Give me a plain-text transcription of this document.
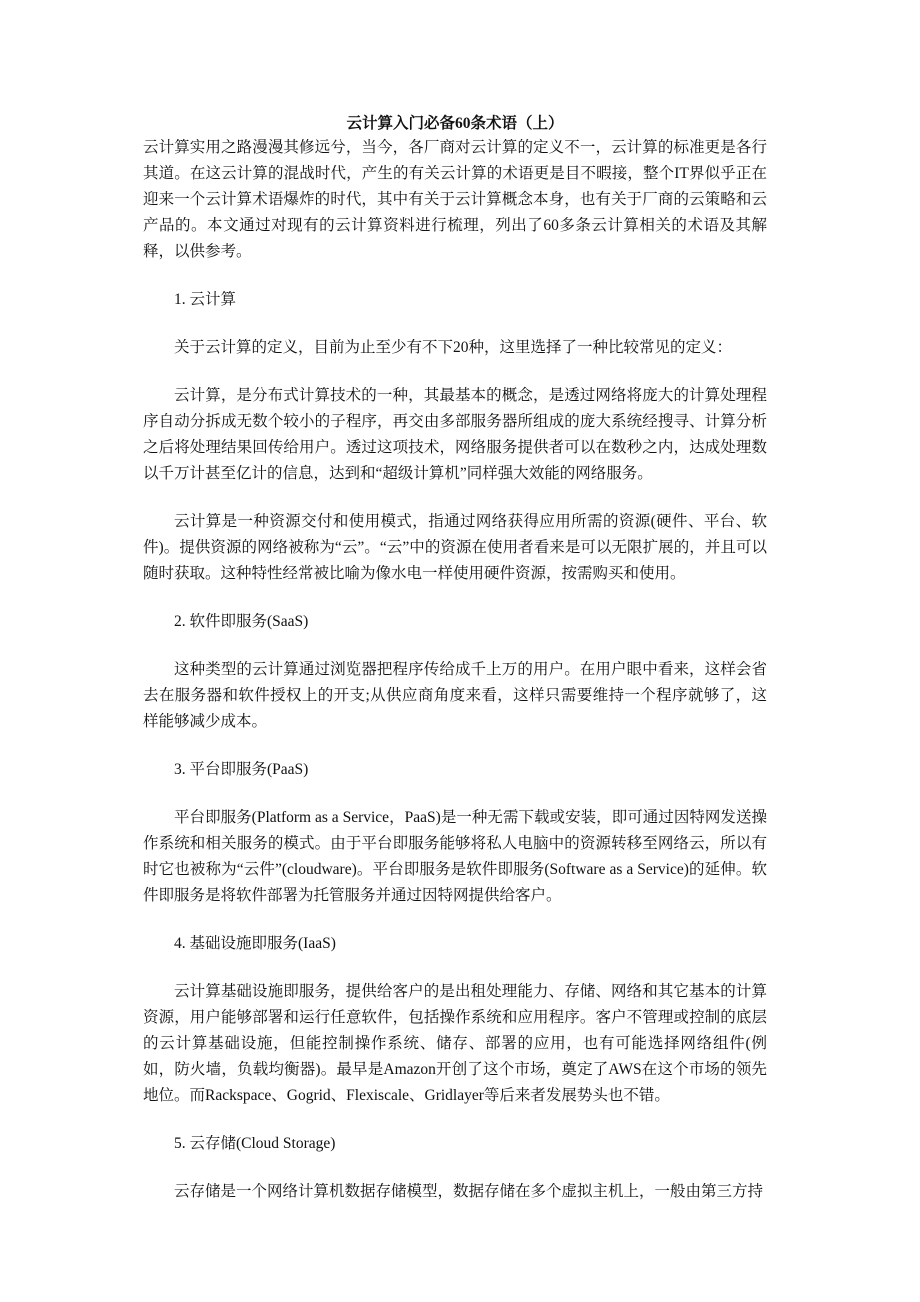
云计算入门必备60条术语（上）

云计算实用之路漫漫其修远兮，当今，各厂商对云计算的定义不一，云计算的标准更是各行其道。在这云计算的混战时代，产生的有关云计算的术语更是目不暇接，整个IT界似乎正在迎来一个云计算术语爆炸的时代，其中有关于云计算概念本身，也有关于厂商的云策略和云产品的。本文通过对现有的云计算资料进行梳理，列出了60多条云计算相关的术语及其解释，以供参考。

1. 云计算

关于云计算的定义，目前为止至少有不下20种，这里选择了一种比较常见的定义：

云计算，是分布式计算技术的一种，其最基本的概念，是透过网络将庞大的计算处理程序自动分拆成无数个较小的子程序，再交由多部服务器所组成的庞大系统经搜寻、计算分析之后将处理结果回传给用户。透过这项技术，网络服务提供者可以在数秒之内，达成处理数以千万计甚至亿计的信息，达到和“超级计算机”同样强大效能的网络服务。

云计算是一种资源交付和使用模式，指通过网络获得应用所需的资源(硬件、平台、软件)。提供资源的网络被称为“云”。“云”中的资源在使用者看来是可以无限扩展的，并且可以随时获取。这种特性经常被比喻为像水电一样使用硬件资源，按需购买和使用。

2. 软件即服务(SaaS)

这种类型的云计算通过浏览器把程序传给成千上万的用户。在用户眼中看来，这样会省去在服务器和软件授权上的开支;从供应商角度来看，这样只需要维持一个程序就够了，这样能够减少成本。

3. 平台即服务(PaaS)

平台即服务(Platform as a Service，PaaS)是一种无需下载或安装，即可通过因特网发送操作系统和相关服务的模式。由于平台即服务能够将私人电脑中的资源转移至网络云，所以有时它也被称为“云件”(cloudware)。平台即服务是软件即服务(Software as a Service)的延伸。软件即服务是将软件部署为托管服务并通过因特网提供给客户。

4. 基础设施即服务(IaaS)

云计算基础设施即服务，提供给客户的是出租处理能力、存储、网络和其它基本的计算资源，用户能够部署和运行任意软件，包括操作系统和应用程序。客户不管理或控制的底层的云计算基础设施，但能控制操作系统、储存、部署的应用，也有可能选择网络组件(例如，防火墙，负载均衡器)。最早是Amazon开创了这个市场，奠定了AWS在这个市场的领先地位。而Rackspace、Gogrid、Flexiscale、Gridlayer等后来者发展势头也不错。

5. 云存储(Cloud Storage)

云存储是一个网络计算机数据存储模型，数据存储在多个虚拟主机上，一般由第三方持
